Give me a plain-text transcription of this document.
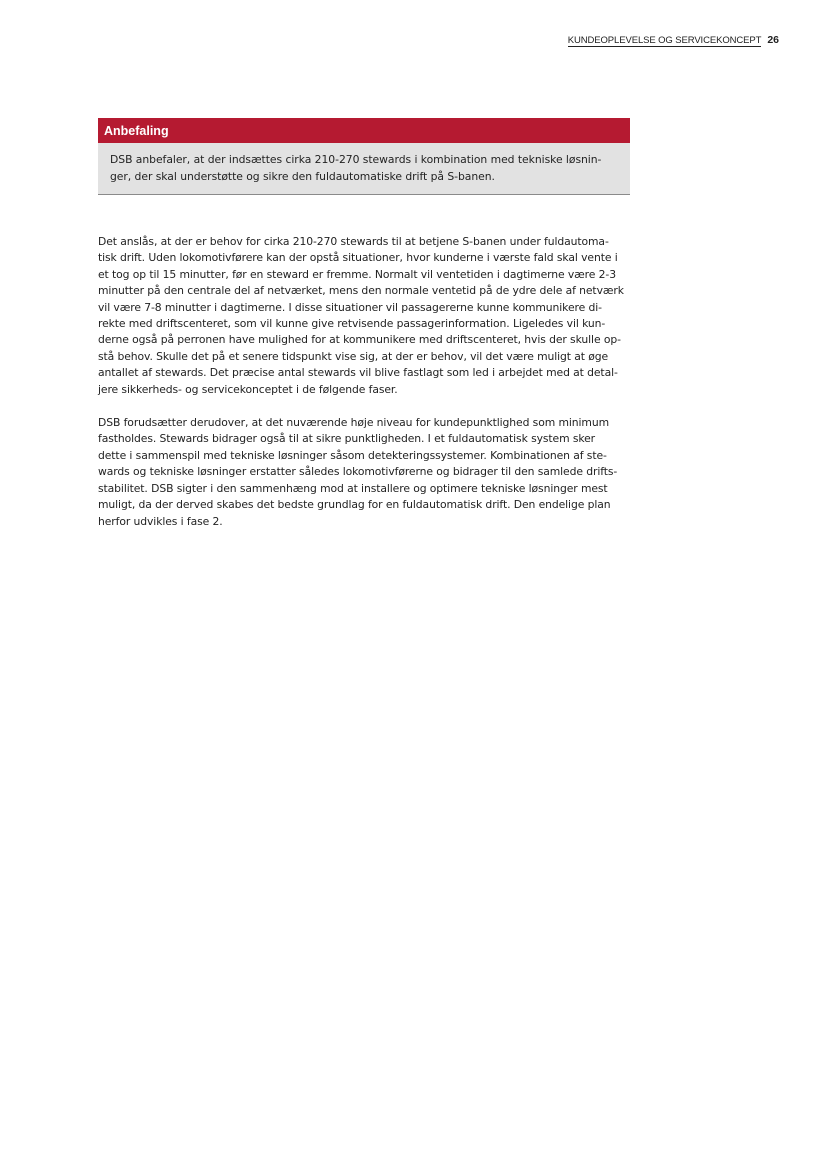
KUNDEOPLEVELSE OG SERVICEKONCEPT 26
Anbefaling
DSB anbefaler, at der indsættes cirka 210-270 stewards i kombination med tekniske løsnin-
ger, der skal understøtte og sikre den fuldautomatiske drift på S-banen.

Det anslås, at der er behov for cirka 210-270 stewards til at betjene S-banen under fuldautoma-
tisk drift. Uden lokomotivførere kan der opstå situationer, hvor kunderne i værste fald skal vente i
et tog op til 15 minutter, før en steward er fremme. Normalt vil ventetiden i dagtimerne være 2-3
minutter på den centrale del af netværket, mens den normale ventetid på de ydre dele af netværk
vil være 7-8 minutter i dagtimerne. I disse situationer vil passagererne kunne kommunikere di-
rekte med driftscenteret, som vil kunne give retvisende passagerinformation. Ligeledes vil kun-
derne også på perronen have mulighed for at kommunikere med driftscenteret, hvis der skulle op-
stå behov. Skulle det på et senere tidspunkt vise sig, at der er behov, vil det være muligt at øge
antallet af stewards. Det præcise antal stewards vil blive fastlagt som led i arbejdet med at detal-
jere sikkerheds- og servicekonceptet i de følgende faser.

DSB forudsætter derudover, at det nuværende høje niveau for kundepunktlighed som minimum
fastholdes. Stewards bidrager også til at sikre punktligheden. I et fuldautomatisk system sker
dette i sammenspil med tekniske løsninger såsom detekteringssystemer. Kombinationen af ste-
wards og tekniske løsninger erstatter således lokomotivførerne og bidrager til den samlede drifts-
stabilitet. DSB sigter i den sammenhæng mod at installere og optimere tekniske løsninger mest
muligt, da der derved skabes det bedste grundlag for en fuldautomatisk drift. Den endelige plan
herfor udvikles i fase 2.
